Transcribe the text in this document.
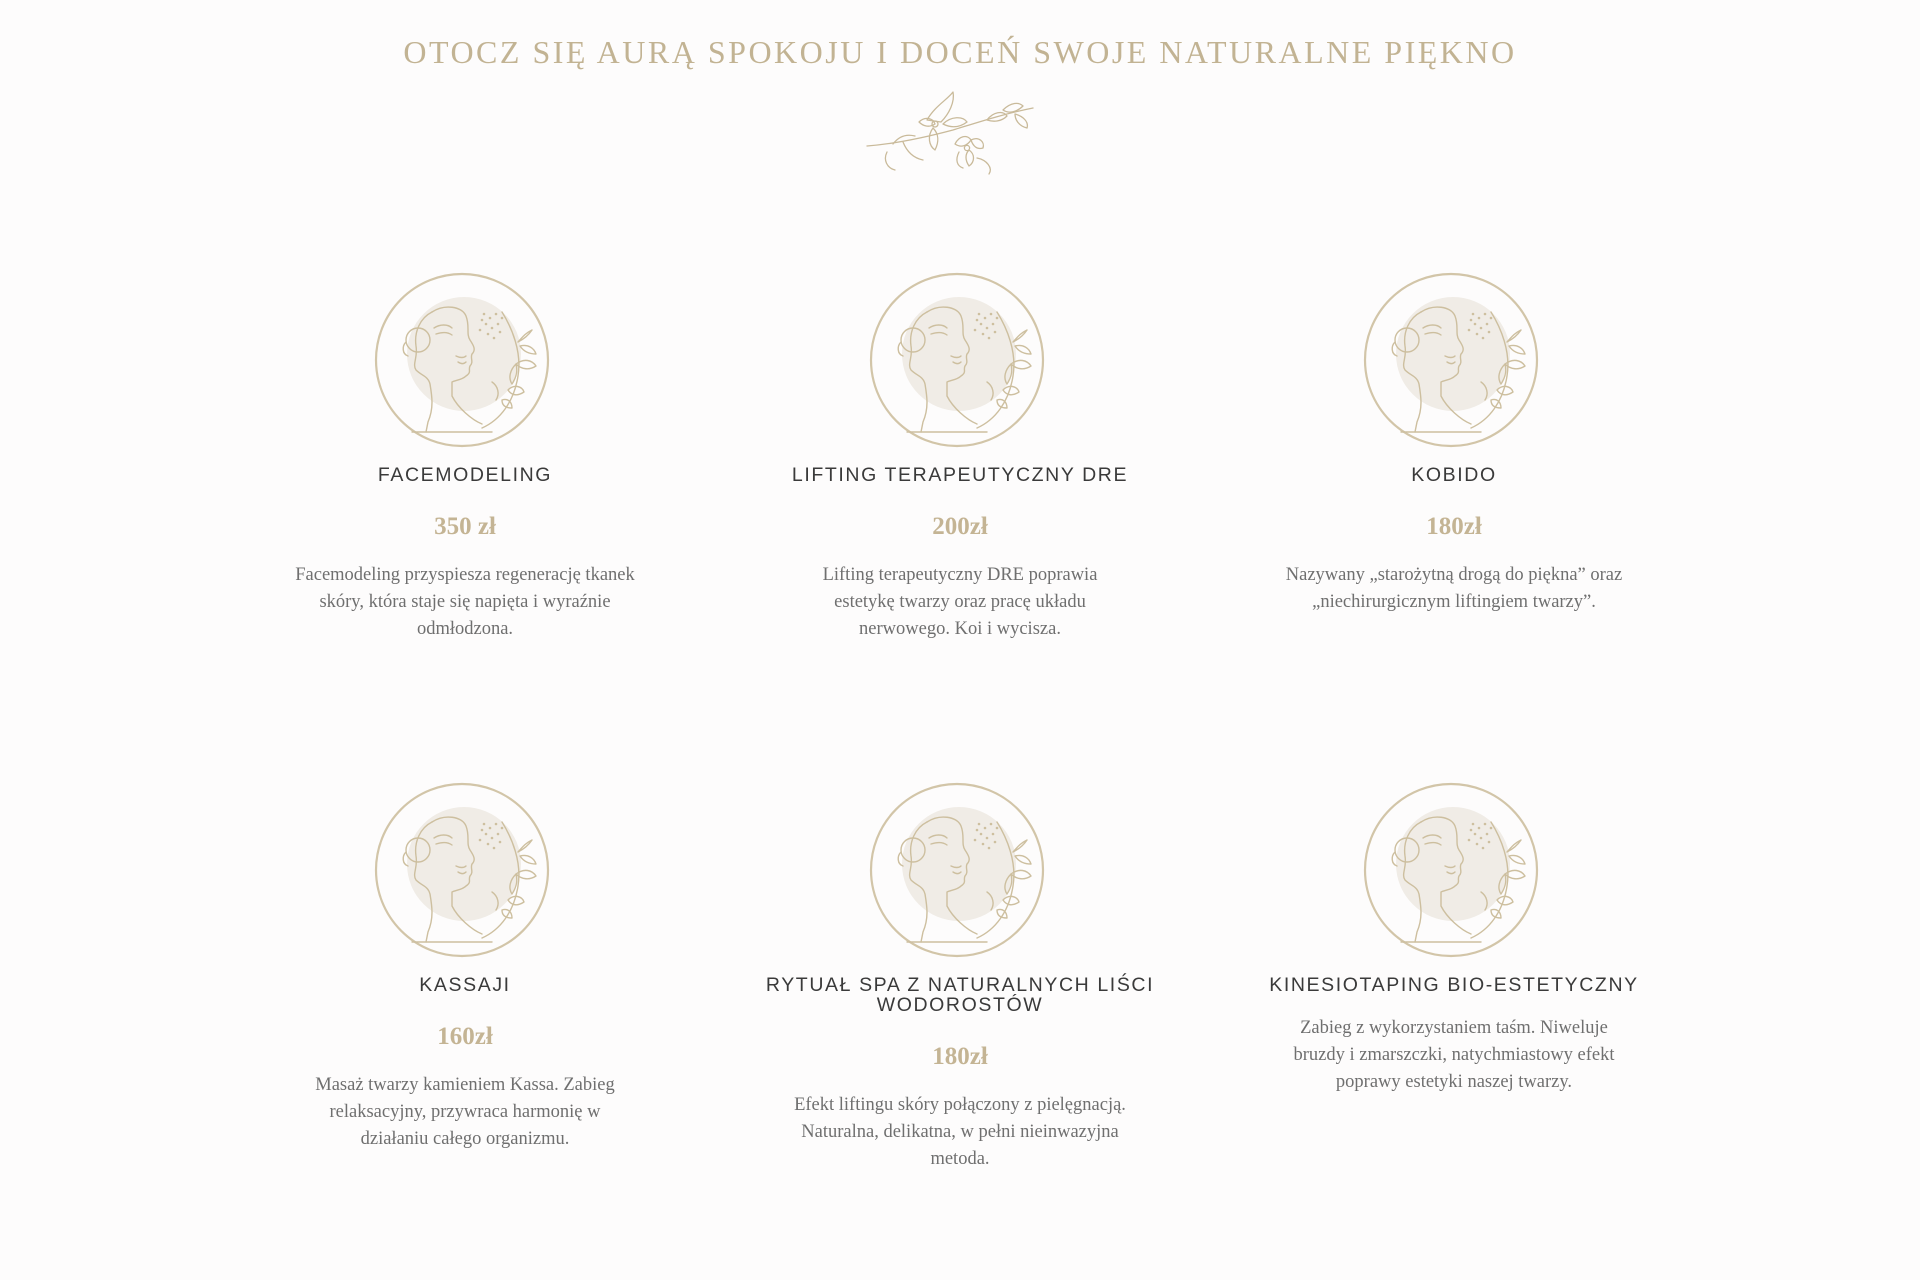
OTOCZ SIĘ AURĄ SPOKOJU I DOCEŃ SWOJE NATURALNE PIĘKNO
FACEMODELING
350 zł
Facemodeling przyspiesza regenerację tkanek skóry, która staje się napięta i wyraźnie odmłodzona.
LIFTING TERAPEUTYCZNY DRE
200zł
Lifting terapeutyczny DRE poprawia estetykę twarzy oraz pracę układu nerwowego. Koi i wycisza.
KOBIDO
180zł
Nazywany „starożytną drogą do piękna” oraz „niechirurgicznym liftingiem twarzy”.
KASSAJI
160zł
Masaż twarzy kamieniem Kassa. Zabieg relaksacyjny, przywraca harmonię w działaniu całego organizmu.
RYTUAŁ SPA Z NATURALNYCH LIŚCI WODOROSTÓW
180zł
Efekt liftingu skóry połączony z pielęgnacją. Naturalna, delikatna, w pełni nieinwazyjna metoda.
KINESIOTAPING BIO-ESTETYCZNY
Zabieg z wykorzystaniem taśm. Niweluje bruzdy i zmarszczki, natychmiastowy efekt poprawy estetyki naszej twarzy.
